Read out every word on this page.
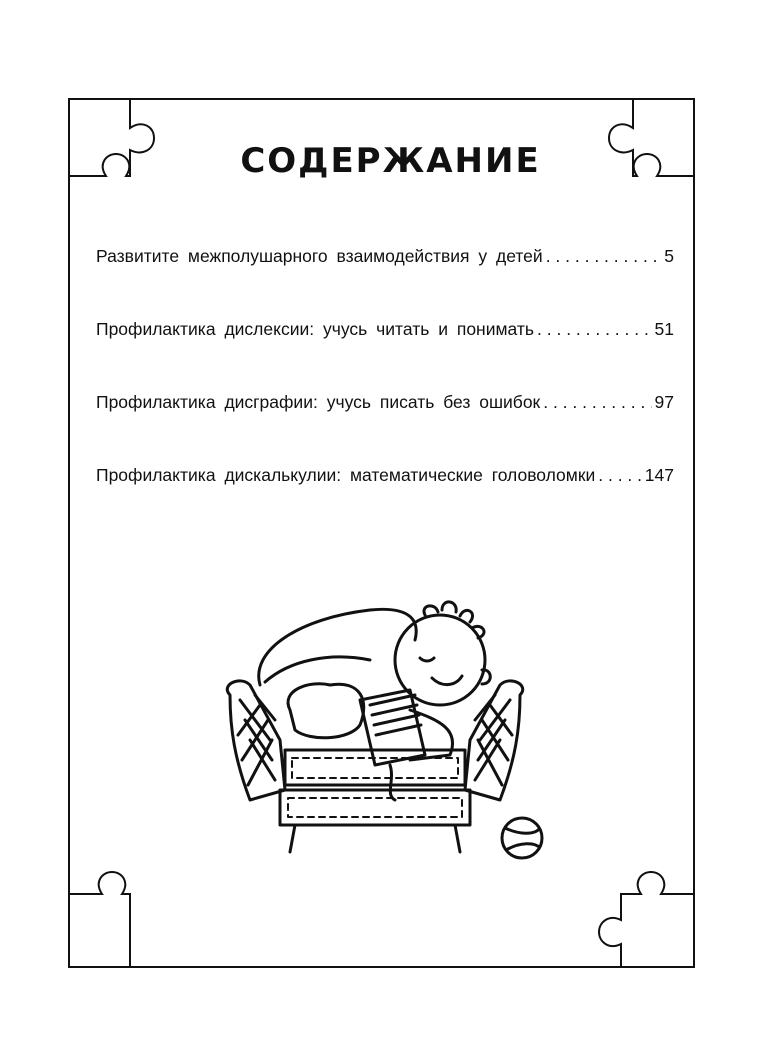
СОДЕРЖАНИЕ
Развитите межполушарного взаимодействия у детей . . .	5
Профилактика дислексии: учусь читать и понимать . . .	51
Профилактика дисграфии: учусь писать без ошибок . . .	97
Профилактика дискалькулии: математические головоломки . . .	147
